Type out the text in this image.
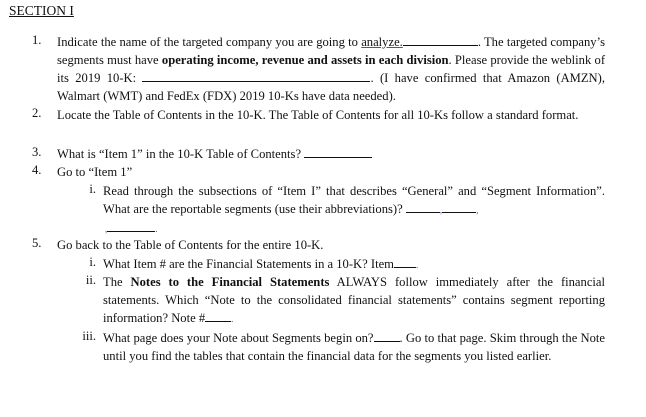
SECTION I
1. Indicate the name of the targeted company you are going to analyze.	. The targeted company’s segments must have operating income, revenue and assets in each division. Please provide the weblink of its 2019 10-K:	. (I have confirmed that Amazon (AMZN), Walmart (WMT) and FedEx (FDX) 2019 10-Ks have data needed).
2. Locate the Table of Contents in the 10-K. The Table of Contents for all 10-Ks follow a standard format.
3. What is “Item 1” in the 10-K Table of Contents?
4. Go to “Item 1”
i. Read through the subsections of “Item I” that describes “General” and “Segment Information”. What are the reportable segments (use their abbreviations)?	,	,
,	.
5. Go back to the Table of Contents for the entire 10-K.
i. What Item # are the Financial Statements in a 10-K? Item .
ii. The Notes to the Financial Statements ALWAYS follow immediately after the financial statements. Which “Note to the consolidated financial statements” contains segment reporting information? Note #	.
iii. What page does your Note about Segments begin on? . Go to that page. Skim through the Note until you find the tables that contain the financial data for the segments you listed earlier.
